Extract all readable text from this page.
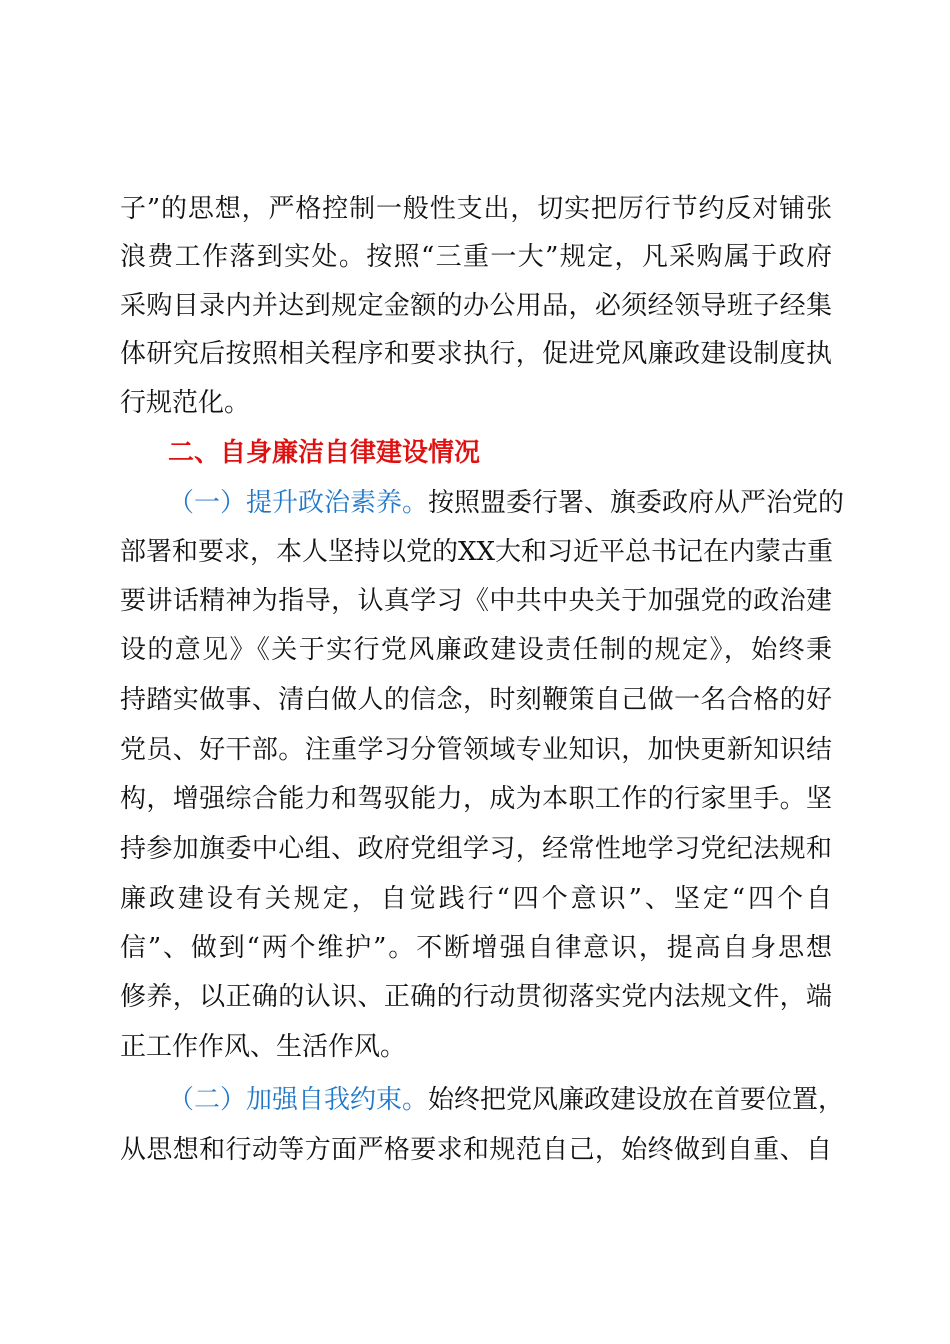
子”的思想，严格控制一般性支出，切实把厉行节约反对铺张
浪费工作落到实处。按照“三重一大”规定，凡采购属于政府
采购目录内并达到规定金额的办公用品，必须经领导班子经集
体研究后按照相关程序和要求执行，促进党风廉政建设制度执
行规范化。
二、自身廉洁自律建设情况
（一）提升政治素养。按照盟委行署、旗委政府从严治党的
部署和要求，本人坚持以党的XX大和习近平总书记在内蒙古重
要讲话精神为指导，认真学习《中共中央关于加强党的政治建
设的意见》《关于实行党风廉政建设责任制的规定》，始终秉
持踏实做事、清白做人的信念，时刻鞭策自己做一名合格的好
党员、好干部。注重学习分管领域专业知识，加快更新知识结
构，增强综合能力和驾驭能力，成为本职工作的行家里手。坚
持参加旗委中心组、政府党组学习，经常性地学习党纪法规和
廉政建设有关规定，自觉践行“四个意识”、坚定“四个自
信”、做到“两个维护”。不断增强自律意识，提高自身思想
修养，以正确的认识、正确的行动贯彻落实党内法规文件，端
正工作作风、生活作风。
（二）加强自我约束。始终把党风廉政建设放在首要位置，
从思想和行动等方面严格要求和规范自己，始终做到自重、自
